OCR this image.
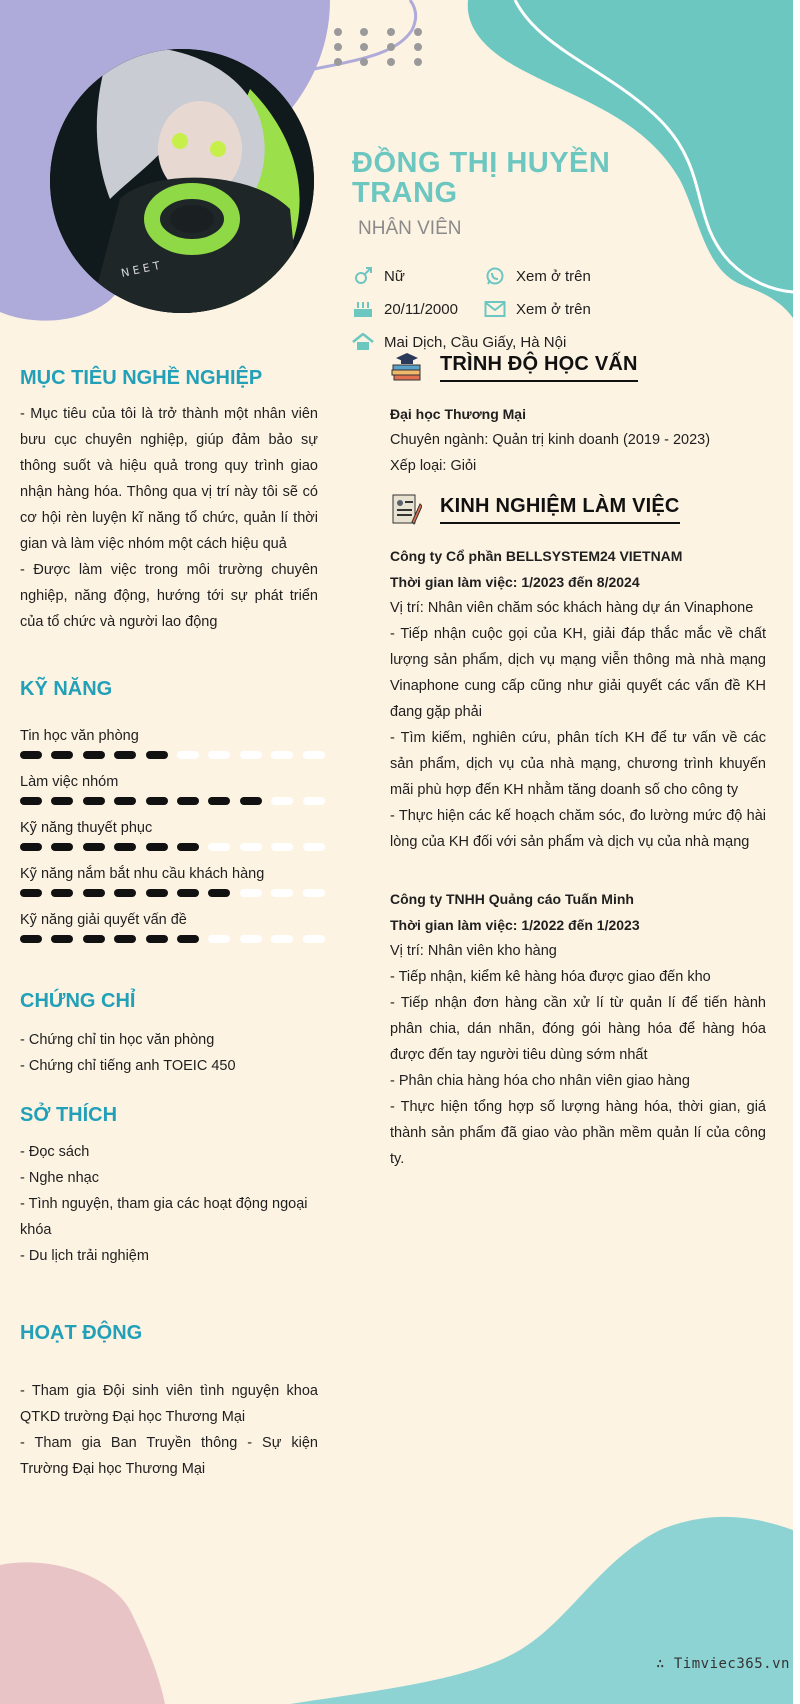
N E E T
ĐỒNG THỊ HUYỀN TRANG
NHÂN VIÊN
Nữ	Xem ở trên
20/11/2000	Xem ở trên
Mai Dịch, Cầu Giấy, Hà Nội
MỤC TIÊU NGHỀ NGHIỆP

- Mục tiêu của tôi là trở thành một nhân viên bưu cục chuyên nghiệp, giúp đảm bảo sự thông suốt và hiệu quả trong quy trình giao nhận hàng hóa. Thông qua vị trí này tôi sẽ có cơ hội rèn luyện kĩ năng tổ chức, quản lí thời gian và làm việc nhóm một cách hiệu quả

- Được làm việc trong môi trường chuyên nghiệp, năng động, hướng tới sự phát triển của tổ chức và người lao động

KỸ NĂNG
Tin học văn phòng
Làm việc nhóm
Kỹ năng thuyết phục
Kỹ năng nắm bắt nhu cầu khách hàng
Kỹ năng giải quyết vấn đề
CHỨNG CHỈ

- Chứng chỉ tin học văn phòng

- Chứng chỉ tiếng anh TOEIC 450

SỞ THÍCH

- Đọc sách

- Nghe nhạc

- Tình nguyện, tham gia các hoạt động ngoại khóa

- Du lịch trải nghiệm

HOẠT ĐỘNG

- Tham gia Đội sinh viên tình nguyện khoa QTKD trường Đại học Thương Mại

- Tham gia Ban Truyền thông - Sự kiện Trường Đại học Thương Mại

TRÌNH ĐỘ HỌC VẤN

Đại học Thương Mại

Chuyên ngành: Quản trị kinh doanh (2019 - 2023)

Xếp loại: Giỏi

KINH NGHIỆM LÀM VIỆC

Công ty Cổ phần BELLSYSTEM24 VIETNAM

Thời gian làm việc: 1/2023 đến 8/2024

Vị trí: Nhân viên chăm sóc khách hàng dự án Vinaphone

- Tiếp nhận cuộc gọi của KH, giải đáp thắc mắc về chất lượng sản phẩm, dịch vụ mạng viễn thông mà nhà mạng Vinaphone cung cấp cũng như giải quyết các vấn đề KH đang gặp phải

- Tìm kiếm, nghiên cứu, phân tích KH để tư vấn về các sản phẩm, dịch vụ của nhà mạng, chương trình khuyến mãi phù hợp đến KH nhằm tăng doanh số cho công ty

- Thực hiện các kế hoạch chăm sóc, đo lường mức độ hài lòng của KH đối với sản phẩm và dịch vụ của nhà mạng

Công ty TNHH Quảng cáo Tuấn Minh

Thời gian làm việc: 1/2022 đến 1/2023

Vị trí: Nhân viên kho hàng

- Tiếp nhận, kiểm kê hàng hóa được giao đến kho

- Tiếp nhận đơn hàng cần xử lí từ quản lí để tiến hành phân chia, dán nhãn, đóng gói hàng hóa để hàng hóa được đến tay người tiêu dùng sớm nhất

- Phân chia hàng hóa cho nhân viên giao hàng

- Thực hiện tổng hợp số lượng hàng hóa, thời gian, giá thành sản phẩm đã giao vào phần mềm quản lí của công ty.

∴ Timviec365.vn
